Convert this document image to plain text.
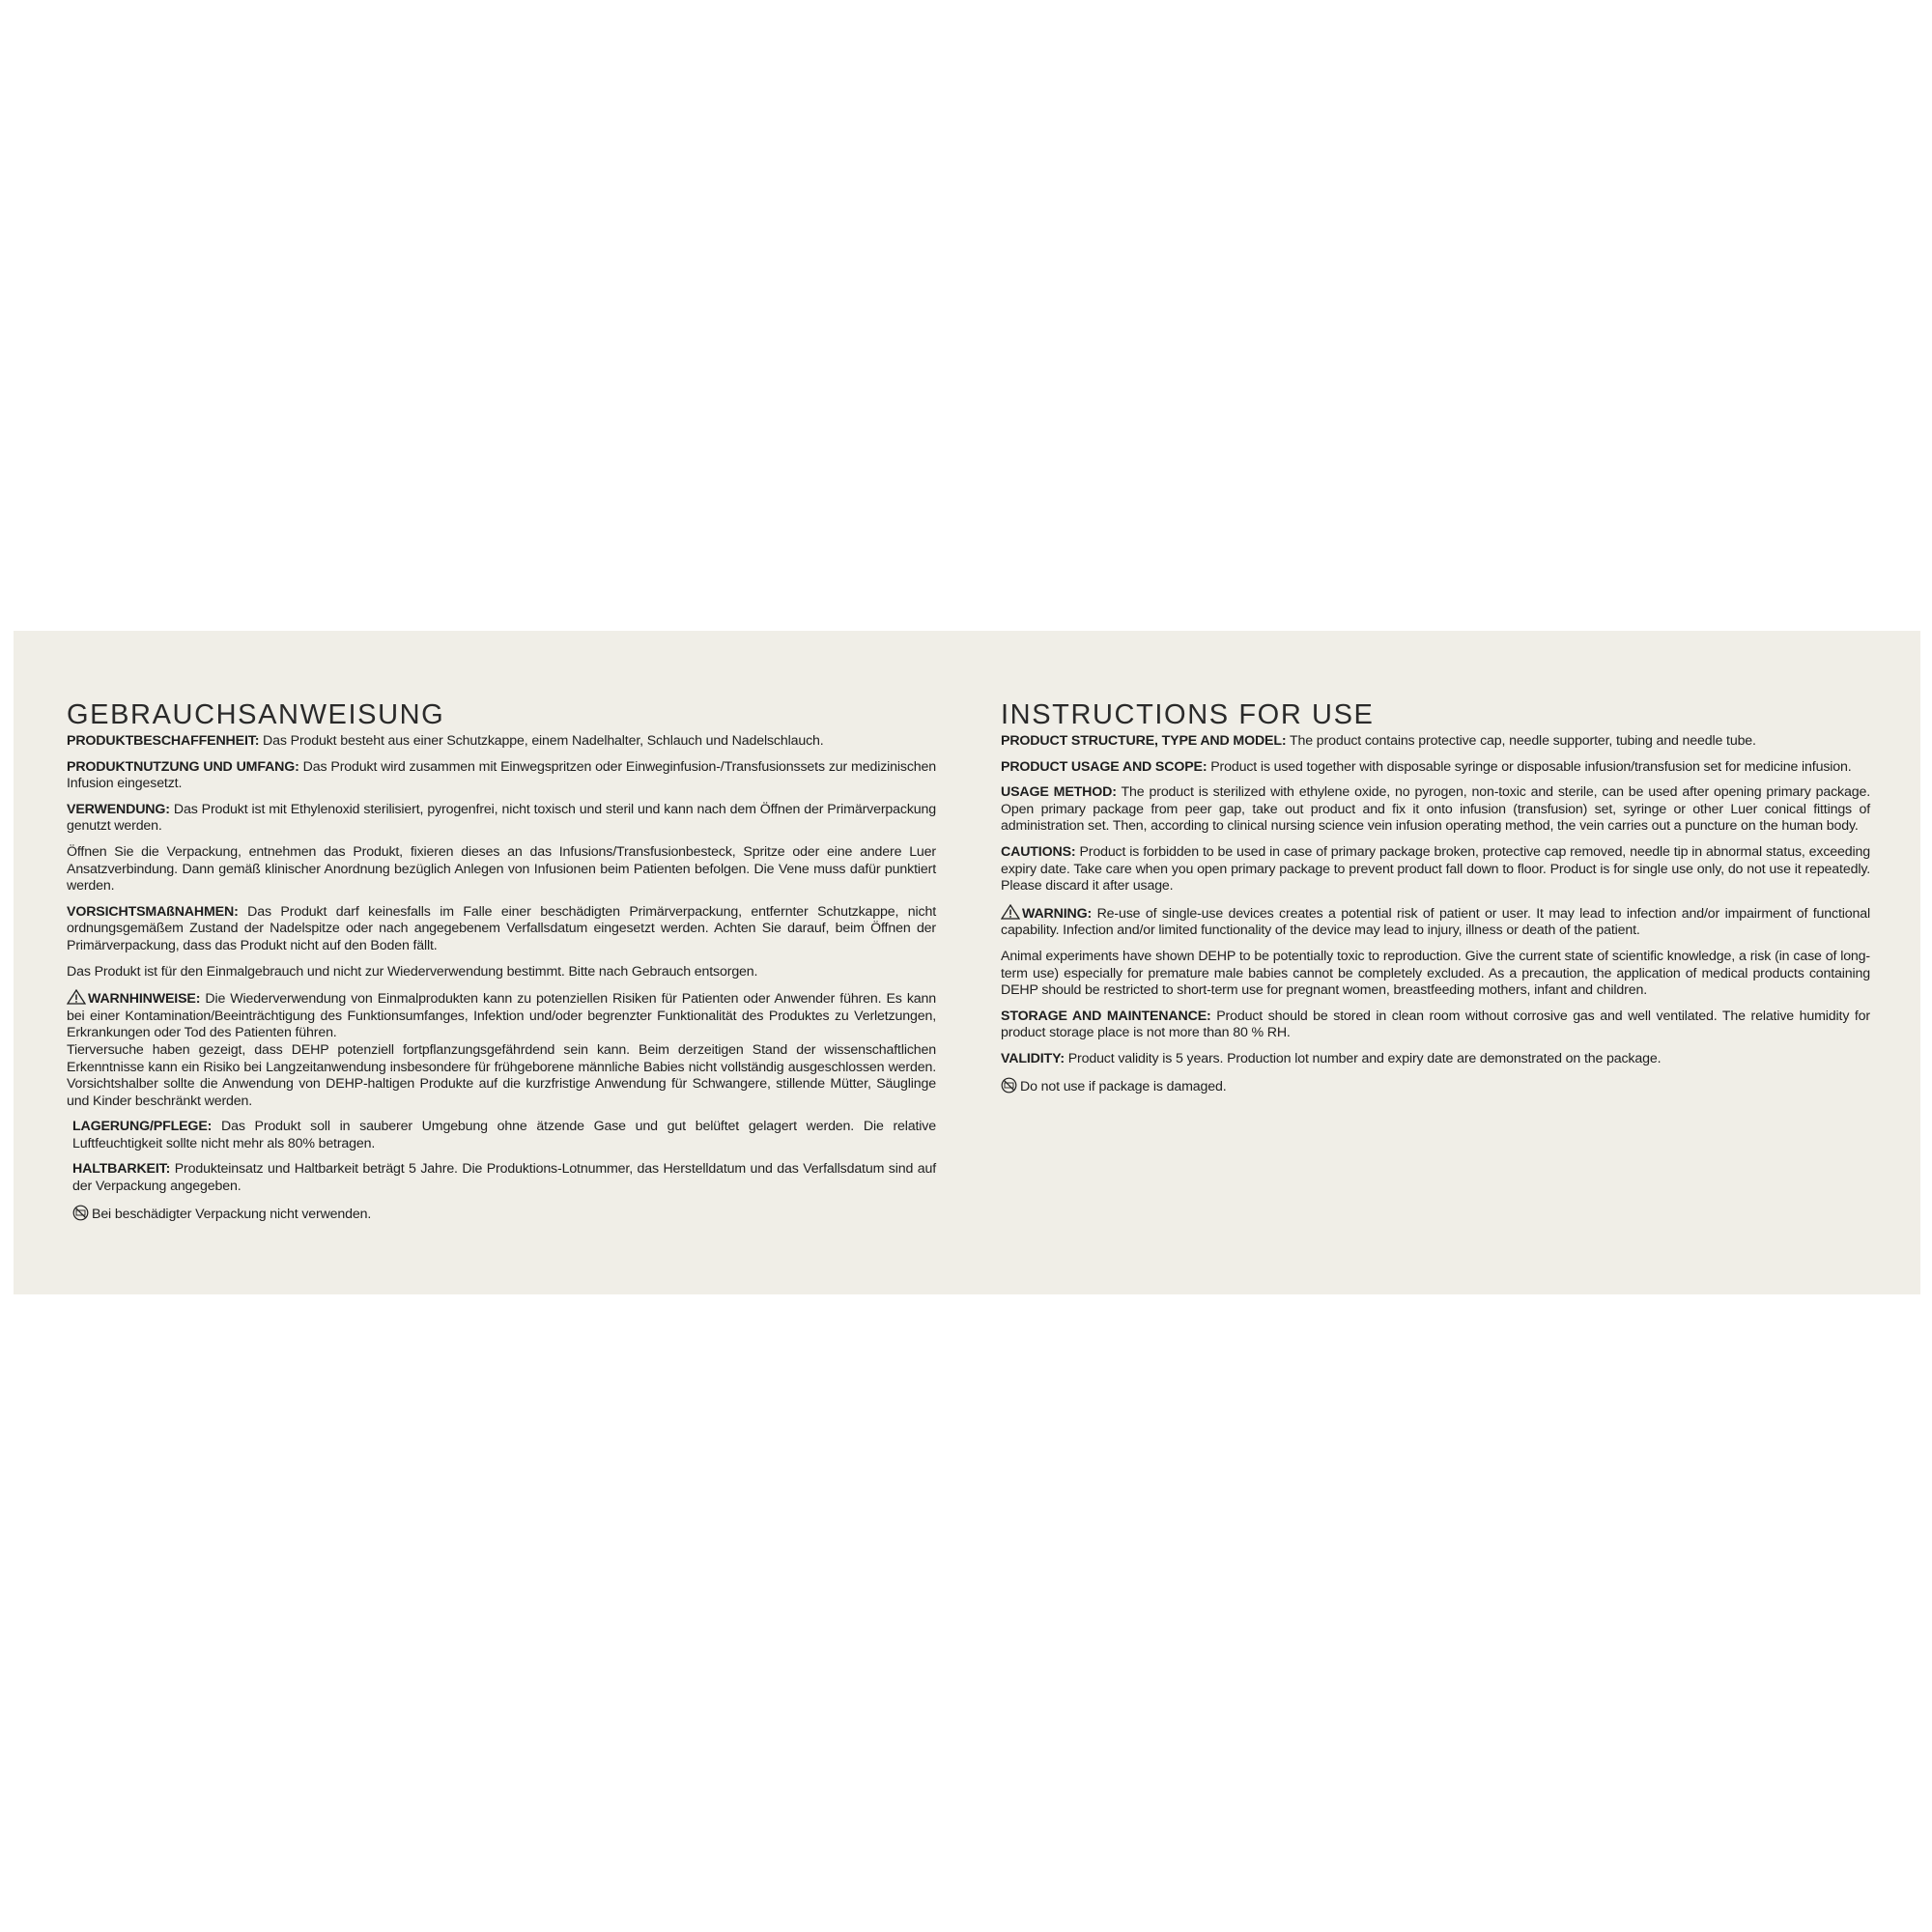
GEBRAUCHSANWEISUNG
PRODUKTBESCHAFFENHEIT: Das Produkt besteht aus einer Schutzkappe, einem Nadelhalter, Schlauch und Nadelschlauch.
PRODUKTNUTZUNG UND UMFANG: Das Produkt wird zusammen mit Einwegspritzen oder Einweginfusion-/Transfusionssets zur medizinischen Infusion eingesetzt.
VERWENDUNG: Das Produkt ist mit Ethylenoxid sterilisiert, pyrogenfrei, nicht toxisch und steril und kann nach dem Öffnen der Primärverpackung genutzt werden.
Öffnen Sie die Verpackung, entnehmen das Produkt, fixieren dieses an das Infusions/Transfusionbesteck, Spritze oder eine andere Luer Ansatzverbindung. Dann gemäß klinischer Anordnung bezüglich Anlegen von Infusionen beim Patienten befolgen. Die Vene muss dafür punktiert werden.
VORSICHTSMAßNAHMEN: Das Produkt darf keinesfalls im Falle einer beschädigten Primärverpackung, entfernter Schutzkappe, nicht ordnungsgemäßem Zustand der Nadelspitze oder nach angegebenem Verfallsdatum eingesetzt werden. Achten Sie darauf, beim Öffnen der Primärverpackung, dass das Produkt nicht auf den Boden fällt.
Das Produkt ist für den Einmalgebrauch und nicht zur Wiederverwendung bestimmt. Bitte nach Gebrauch entsorgen.
WARNHINWEISE: Die Wiederverwendung von Einmalprodukten kann zu potenziellen Risiken für Patienten oder Anwender führen. Es kann bei einer Kontamination/Beeinträchtigung des Funktionsumfanges, Infektion und/oder begrenzter Funktionalität des Produktes zu Verletzungen, Erkrankungen oder Tod des Patienten führen.
Tierversuche haben gezeigt, dass DEHP potenziell fortpflanzungsgefährdend sein kann. Beim derzeitigen Stand der wissenschaftlichen Erkenntnisse kann ein Risiko bei Langzeitanwendung insbesondere für frühgeborene männliche Babies nicht vollständig ausgeschlossen werden. Vorsichtshalber sollte die Anwendung von DEHP-haltigen Produkte auf die kurzfristige Anwendung für Schwangere, stillende Mütter, Säuglinge und Kinder beschränkt werden.
LAGERUNG/PFLEGE: Das Produkt soll in sauberer Umgebung ohne ätzende Gase und gut belüftet gelagert werden. Die relative Luftfeuchtigkeit sollte nicht mehr als 80% betragen.
HALTBARKEIT: Produkteinsatz und Haltbarkeit beträgt 5 Jahre. Die Produktions-Lotnummer, das Herstelldatum und das Verfallsdatum sind auf der Verpackung angegeben.
Bei beschädigter Verpackung nicht verwenden.
INSTRUCTIONS FOR USE
PRODUCT STRUCTURE, TYPE AND MODEL: The product contains protective cap, needle supporter, tubing and needle tube.
PRODUCT USAGE AND SCOPE: Product is used together with disposable syringe or disposable infusion/transfusion set for medicine infusion.
USAGE METHOD: The product is sterilized with ethylene oxide, no pyrogen, non-toxic and sterile, can be used after opening primary package. Open primary package from peer gap, take out product and fix it onto infusion (transfusion) set, syringe or other Luer conical fittings of administration set. Then, according to clinical nursing science vein infusion operating method, the vein carries out a puncture on the human body.
CAUTIONS: Product is forbidden to be used in case of primary package broken, protective cap removed, needle tip in abnormal status, exceeding expiry date. Take care when you open primary package to prevent product fall down to floor. Product is for single use only, do not use it repeatedly. Please discard it after usage.
WARNING: Re-use of single-use devices creates a potential risk of patient or user. It may lead to infection and/or impairment of functional capability. Infection and/or limited functionality of the device may lead to injury, illness or death of the patient.
Animal experiments have shown DEHP to be potentially toxic to reproduction. Give the current state of scientific knowledge, a risk (in case of long-term use) especially for premature male babies cannot be completely excluded. As a precaution, the application of medical products containing DEHP should be restricted to short-term use for pregnant women, breastfeeding mothers, infant and children.
STORAGE AND MAINTENANCE: Product should be stored in clean room without corrosive gas and well ventilated. The relative humidity for product storage place is not more than 80 % RH.
VALIDITY: Product validity is 5 years. Production lot number and expiry date are demonstrated on the package.
Do not use if package is damaged.
